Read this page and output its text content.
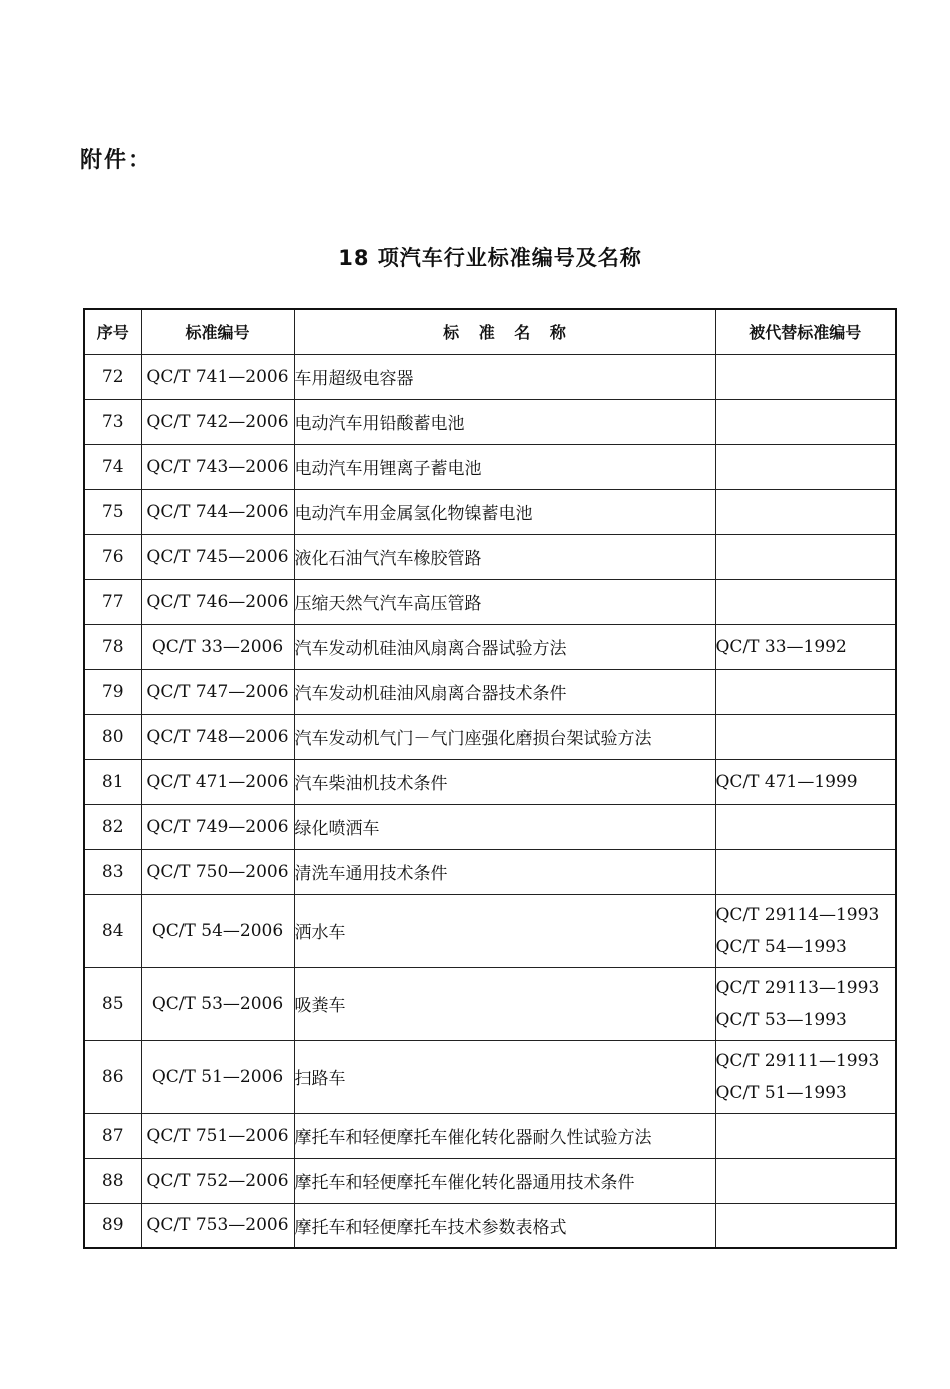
附件：
18 项汽车行业标准编号及名称
序号	标准编号	标 准 名 称	被代替标准编号
72	QC/T 741—2006	车用超级电容器	
73	QC/T 742—2006	电动汽车用铅酸蓄电池	
74	QC/T 743—2006	电动汽车用锂离子蓄电池	
75	QC/T 744—2006	电动汽车用金属氢化物镍蓄电池	
76	QC/T 745—2006	液化石油气汽车橡胶管路	
77	QC/T 746—2006	压缩天然气汽车高压管路	
78	QC/T 33—2006	汽车发动机硅油风扇离合器试验方法	QC/T 33—1992

79	QC/T 747—2006	汽车发动机硅油风扇离合器技术条件	
80	QC/T 748—2006	汽车发动机气门－气门座强化磨损台架试验方法	
81	QC/T 471—2006	汽车柴油机技术条件	QC/T 471—1999

82	QC/T 749—2006	绿化喷洒车	
83	QC/T 750—2006	清洗车通用技术条件	
84	QC/T 54—2006	洒水车	QC/T 29114—1993
QC/T 54—1993

85	QC/T 53—2006	吸粪车	QC/T 29113—1993
QC/T 53—1993

86	QC/T 51—2006	扫路车	QC/T 29111—1993
QC/T 51—1993

87	QC/T 751—2006	摩托车和轻便摩托车催化转化器耐久性试验方法	
88	QC/T 752—2006	摩托车和轻便摩托车催化转化器通用技术条件	
89	QC/T 753—2006	摩托车和轻便摩托车技术参数表格式	
